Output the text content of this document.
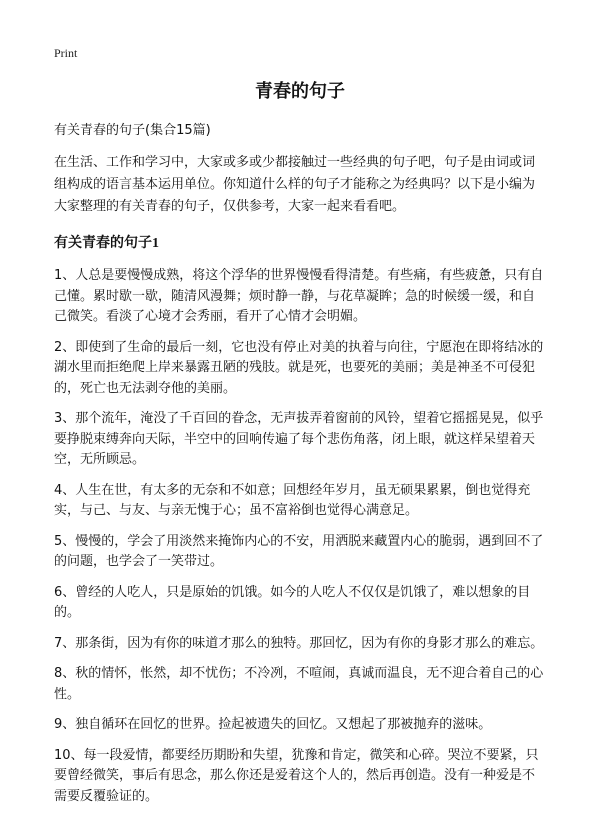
Print
青春的句子

有关青春的句子(集合15篇)

在生活、工作和学习中，大家或多或少都接触过一些经典的句子吧，句子是由词或词组构成的语言基本运用单位。你知道什么样的句子才能称之为经典吗？以下是小编为大家整理的有关青春的句子，仅供参考，大家一起来看看吧。

有关青春的句子1

1、人总是要慢慢成熟，将这个浮华的世界慢慢看得清楚。有些痛，有些疲惫，只有自己懂。累时歇一歇，随清风漫舞；烦时静一静，与花草凝眸；急的时候缓一缓，和自己微笑。看淡了心境才会秀丽，看开了心情才会明媚。

2、即使到了生命的最后一刻，它也没有停止对美的执着与向往，宁愿泡在即将结冰的湖水里而拒绝爬上岸来暴露丑陋的残肢。就是死，也要死的美丽；美是神圣不可侵犯的，死亡也无法剥夺他的美丽。

3、那个流年，淹没了千百回的眷念，无声拔弄着窗前的风铃，望着它摇摇晃晃，似乎要挣脱束缚奔向天际，半空中的回响传遍了每个悲伤角落，闭上眼，就这样呆望着天空，无所顾忌。

4、人生在世，有太多的无奈和不如意；回想经年岁月，虽无硕果累累，倒也觉得充实，与己、与友、与亲无愧于心；虽不富裕倒也觉得心满意足。

5、慢慢的，学会了用淡然来掩饰内心的不安，用洒脱来藏置内心的脆弱，遇到回不了的问题，也学会了一笑带过。

6、曾经的人吃人，只是原始的饥饿。如今的人吃人不仅仅是饥饿了，难以想象的目的。

7、那条街，因为有你的味道才那么的独特。那回忆，因为有你的身影才那么的难忘。

8、秋的情怀，怅然，却不忧伤；不冷冽，不喧闹，真诚而温良，无不迎合着自己的心性。

9、独自循环在回忆的世界。捡起被遗失的回忆。又想起了那被抛弃的滋味。

10、每一段爱情，都要经历期盼和失望，犹豫和肯定，微笑和心碎。哭泣不要紧，只要曾经微笑，事后有思念，那么你还是爱着这个人的，然后再创造。没有一种爱是不需要反覆验证的。
